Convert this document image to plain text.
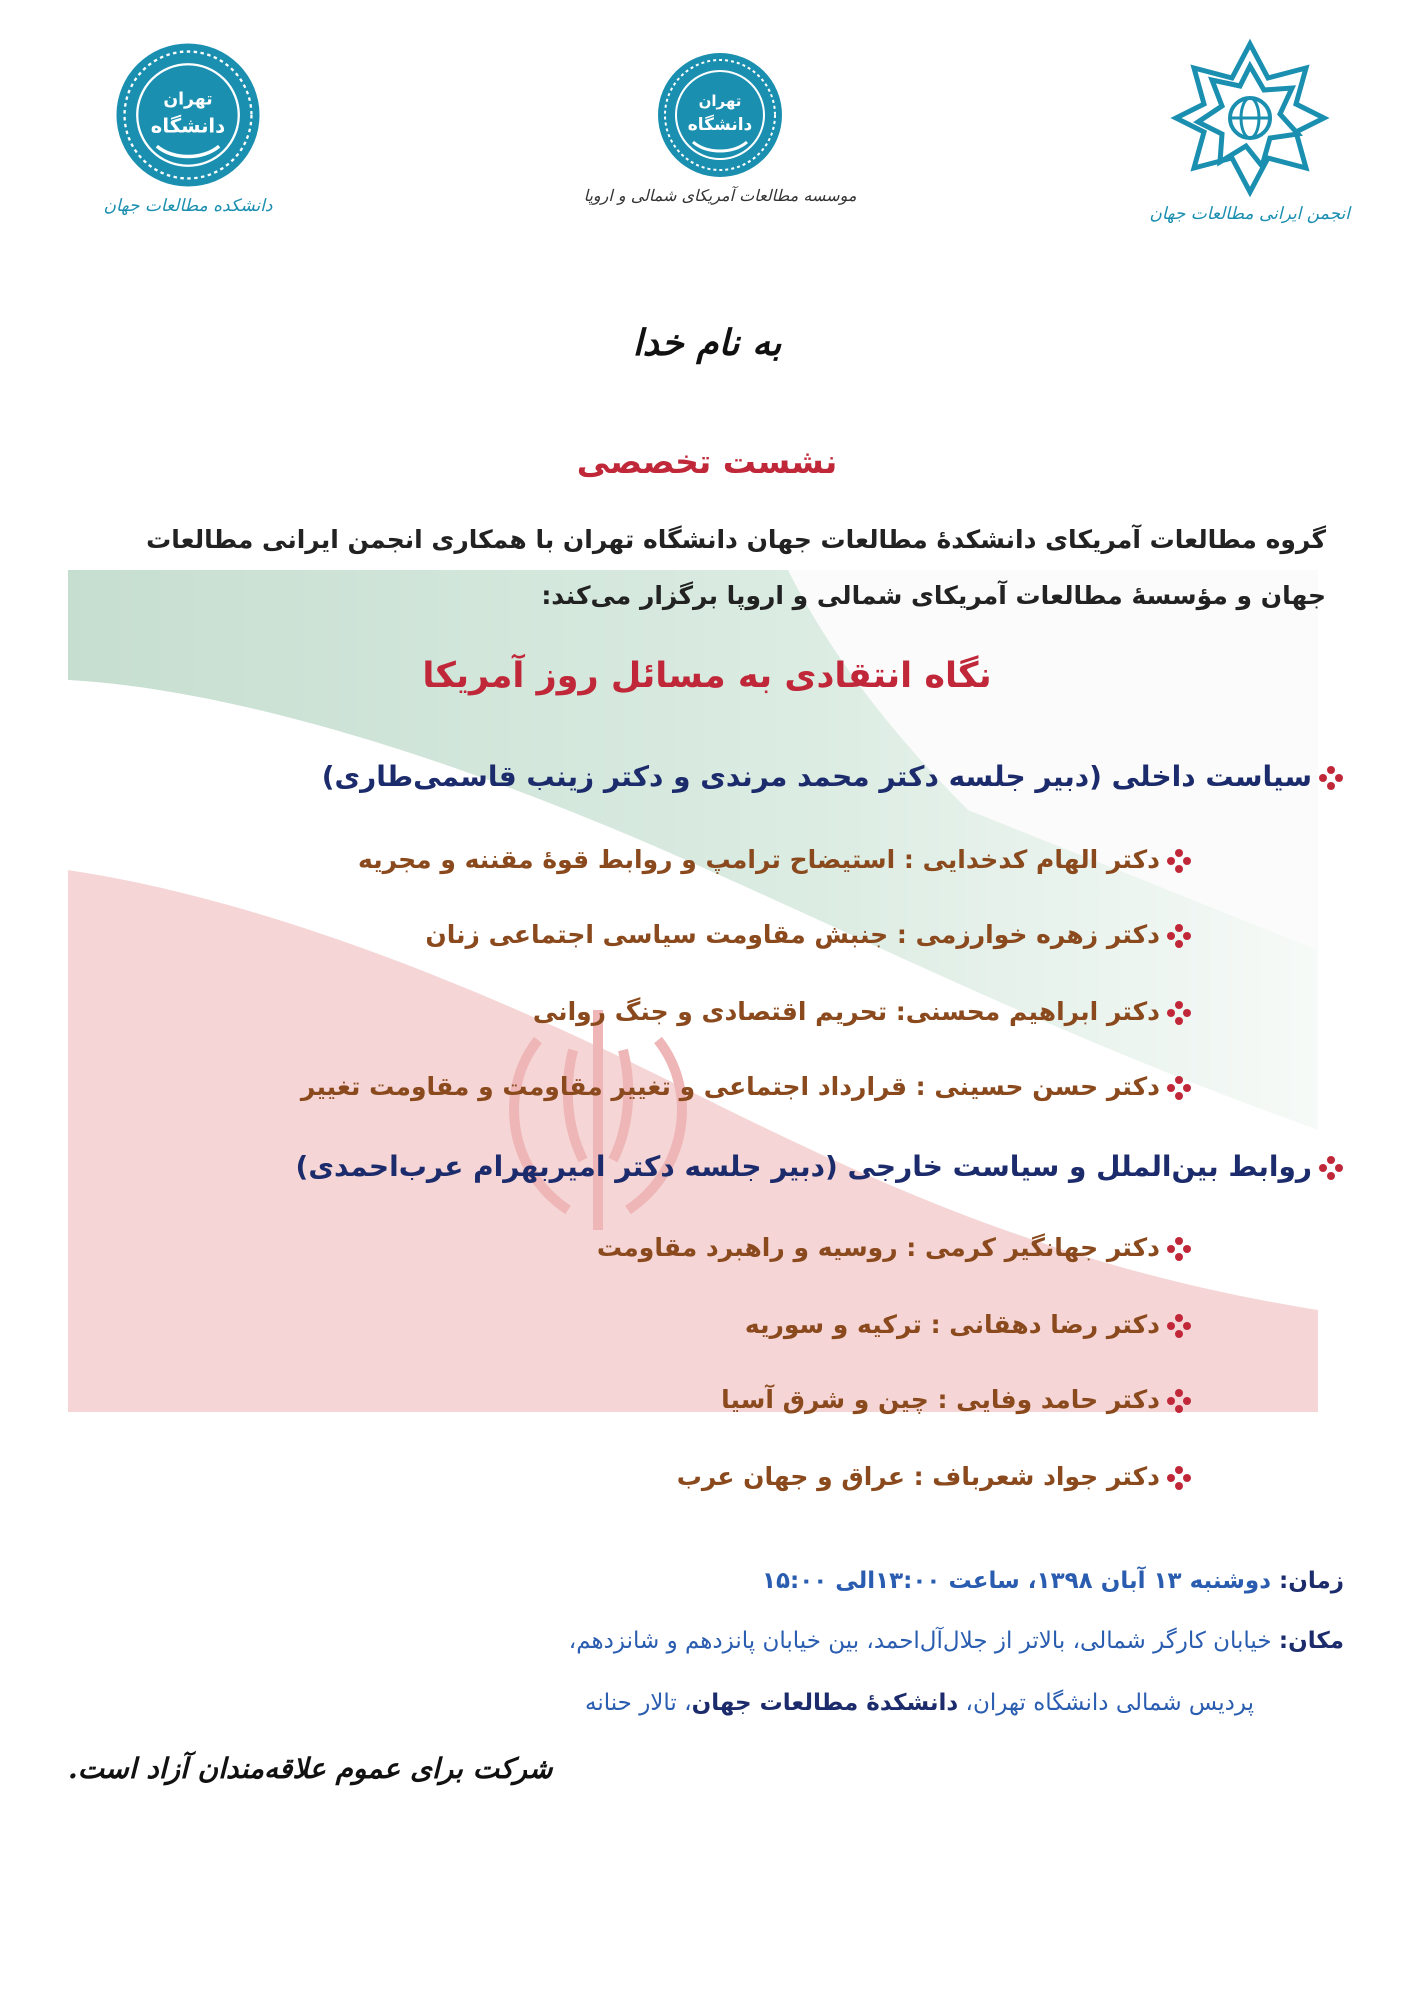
انجمن ایرانی مطالعات جهان
تهران
دانشگاه
موسسه مطالعات آمریکای شمالی و اروپا
تهران
دانشگاه
دانشکده مطالعات جهان
به نام خدا
نشست تخصصی
گروه مطالعات آمریکای دانشکدۀ مطالعات جهان دانشگاه تهران با همکاری انجمن ایرانی مطالعات
جهان و مؤسسۀ مطالعات آمریکای شمالی و اروپا برگزار می‌کند:
نگاه انتقادی به مسائل روز آمریکا
سیاست داخلی (دبیر جلسه دکتر محمد مرندی و دکتر زینب قاسمی‌طاری)
دکتر الهام کدخدایی : استیضاح ترامپ و روابط قوۀ مقننه و مجریه
دکتر زهره خوارزمی : جنبش مقاومت سیاسی اجتماعی زنان
دکتر ابراهیم محسنی: تحریم اقتصادی و جنگ روانی
دکتر حسن حسینی : قرارداد اجتماعی و تغییر مقاومت و مقاومت تغییر
روابط بین‌الملل و سیاست خارجی (دبیر جلسه دکتر امیربهرام عرب‌احمدی)
دکتر جهانگیر کرمی : روسیه و راهبرد مقاومت
دکتر رضا دهقانی : ترکیه و سوریه
دکتر حامد وفایی : چین و شرق آسیا
دکتر جواد شعرباف : عراق و جهان عرب
زمان: دوشنبه ۱۳ آبان ۱۳۹۸، ساعت ۱۳:۰۰الی ۱۵:۰۰
مکان: خیابان کارگر شمالی، بالاتر از جلال‌آل‌احمد، بین خیابان پانزدهم و شانزدهم،
پردیس شمالی دانشگاه تهران، دانشکدۀ مطالعات جهان، تالار حنانه
شرکت برای عموم علاقه‌مندان آزاد است.
